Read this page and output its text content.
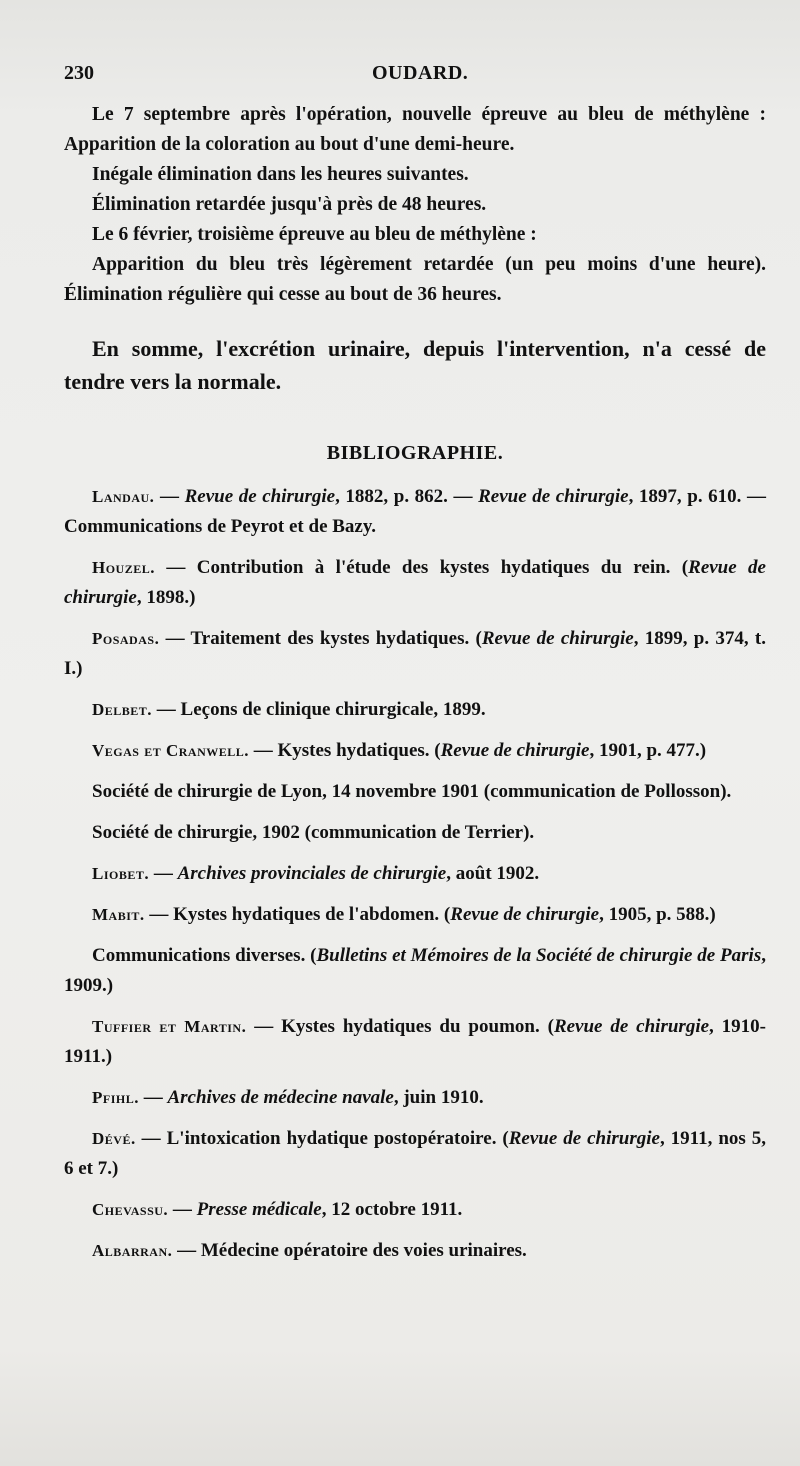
230	OUDARD.

Le 7 septembre après l'opération, nouvelle épreuve au bleu de méthylène : Apparition de la coloration au bout d'une demi-heure.

Inégale élimination dans les heures suivantes.

Élimination retardée jusqu'à près de 48 heures.

Le 6 février, troisième épreuve au bleu de méthylène :

Apparition du bleu très légèrement retardée (un peu moins d'une heure). Élimination régulière qui cesse au bout de 36 heures.

En somme, l'excrétion urinaire, depuis l'intervention, n'a cessé de tendre vers la normale.

BIBLIOGRAPHIE.

Landau. — Revue de chirurgie, 1882, p. 862. — Revue de chirurgie, 1897, p. 610. — Communications de Peyrot et de Bazy.

Houzel. — Contribution à l'étude des kystes hydatiques du rein. (Revue de chirurgie, 1898.)

Posadas. — Traitement des kystes hydatiques. (Revue de chirurgie, 1899, p. 374, t. I.)

Delbet. — Leçons de clinique chirurgicale, 1899.

Vegas et Cranwell. — Kystes hydatiques. (Revue de chirurgie, 1901, p. 477.)

Société de chirurgie de Lyon, 14 novembre 1901 (communication de Pollosson).

Société de chirurgie, 1902 (communication de Terrier).

Liobet. — Archives provinciales de chirurgie, août 1902.

Mabit. — Kystes hydatiques de l'abdomen. (Revue de chirurgie, 1905, p. 588.)

Communications diverses. (Bulletins et Mémoires de la Société de chirurgie de Paris, 1909.)

Tuffier et Martin. — Kystes hydatiques du poumon. (Revue de chirurgie, 1910-1911.)

Pfihl. — Archives de médecine navale, juin 1910.

Dévé. — L'intoxication hydatique postopératoire. (Revue de chirurgie, 1911, nos 5, 6 et 7.)

Chevassu. — Presse médicale, 12 octobre 1911.

Albarran. — Médecine opératoire des voies urinaires.
